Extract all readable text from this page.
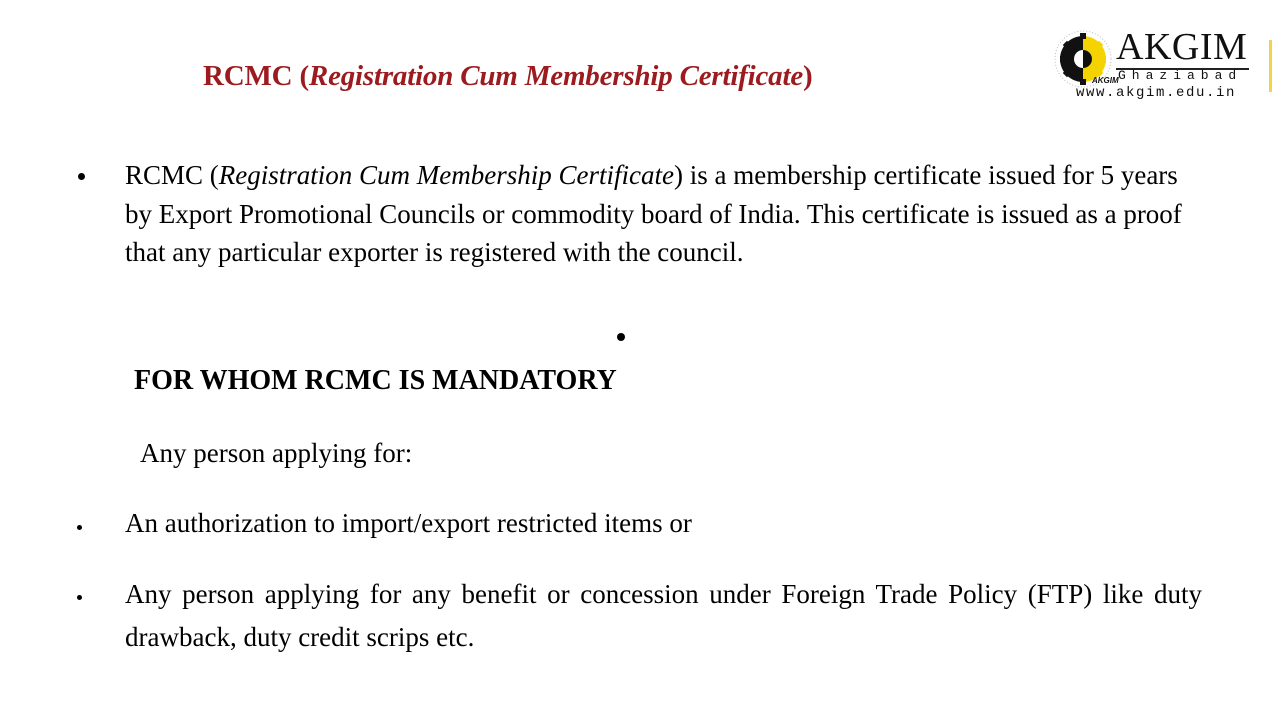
RCMC (Registration Cum Membership Certificate)
AKGIM
Ghaziabad
AKGIM
www.akgim.edu.in
RCMC (Registration Cum Membership Certificate) is a membership certificate issued for 5 years by Export Promotional Councils or commodity board of India. This certificate is issued as a proof that any particular exporter is registered with the council.
FOR WHOM RCMC IS MANDATORY
Any person applying for:
An authorization to import/export restricted items or
Any person applying for any benefit or concession under Foreign Trade Policy (FTP) like duty drawback, duty credit scrips etc.
